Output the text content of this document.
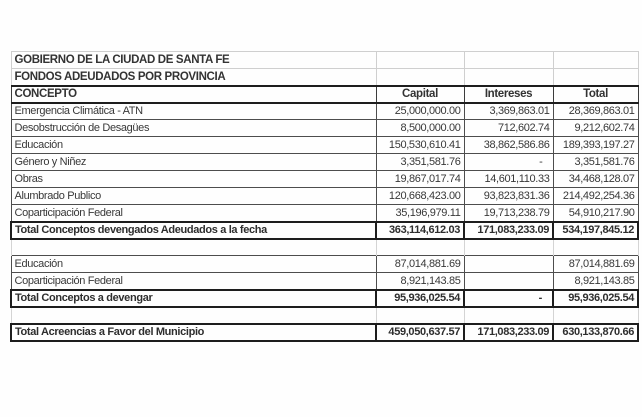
GOBIERNO DE LA CIUDAD DE SANTA FE			
FONDOS ADEUDADOS POR PROVINCIA			
CONCEPTO	Capital	Intereses	Total
Emergencia Climática - ATN	25,000,000.00	3,369,863.01	28,369,863.01
Desobstrucción de Desagües	8,500,000.00	712,602.74	9,212,602.74
Educación	150,530,610.41	38,862,586.86	189,393,197.27
Género y Niñez	3,351,581.76	-	3,351,581.76
Obras	19,867,017.74	14,601,110.33	34,468,128.07
Alumbrado Publico	120,668,423.00	93,823,831.36	214,492,254.36
Coparticipación Federal	35,196,979.11	19,713,238.79	54,910,217.90
Total Conceptos devengados Adeudados a la fecha	363,114,612.03	171,083,233.09	534,197,845.12

Educación	87,014,881.69		87,014,881.69
Coparticipación Federal	8,921,143.85		8,921,143.85
Total Conceptos a devengar	95,936,025.54	-	95,936,025.54

Total Acreencias a Favor del Municipio	459,050,637.57	171,083,233.09	630,133,870.66
